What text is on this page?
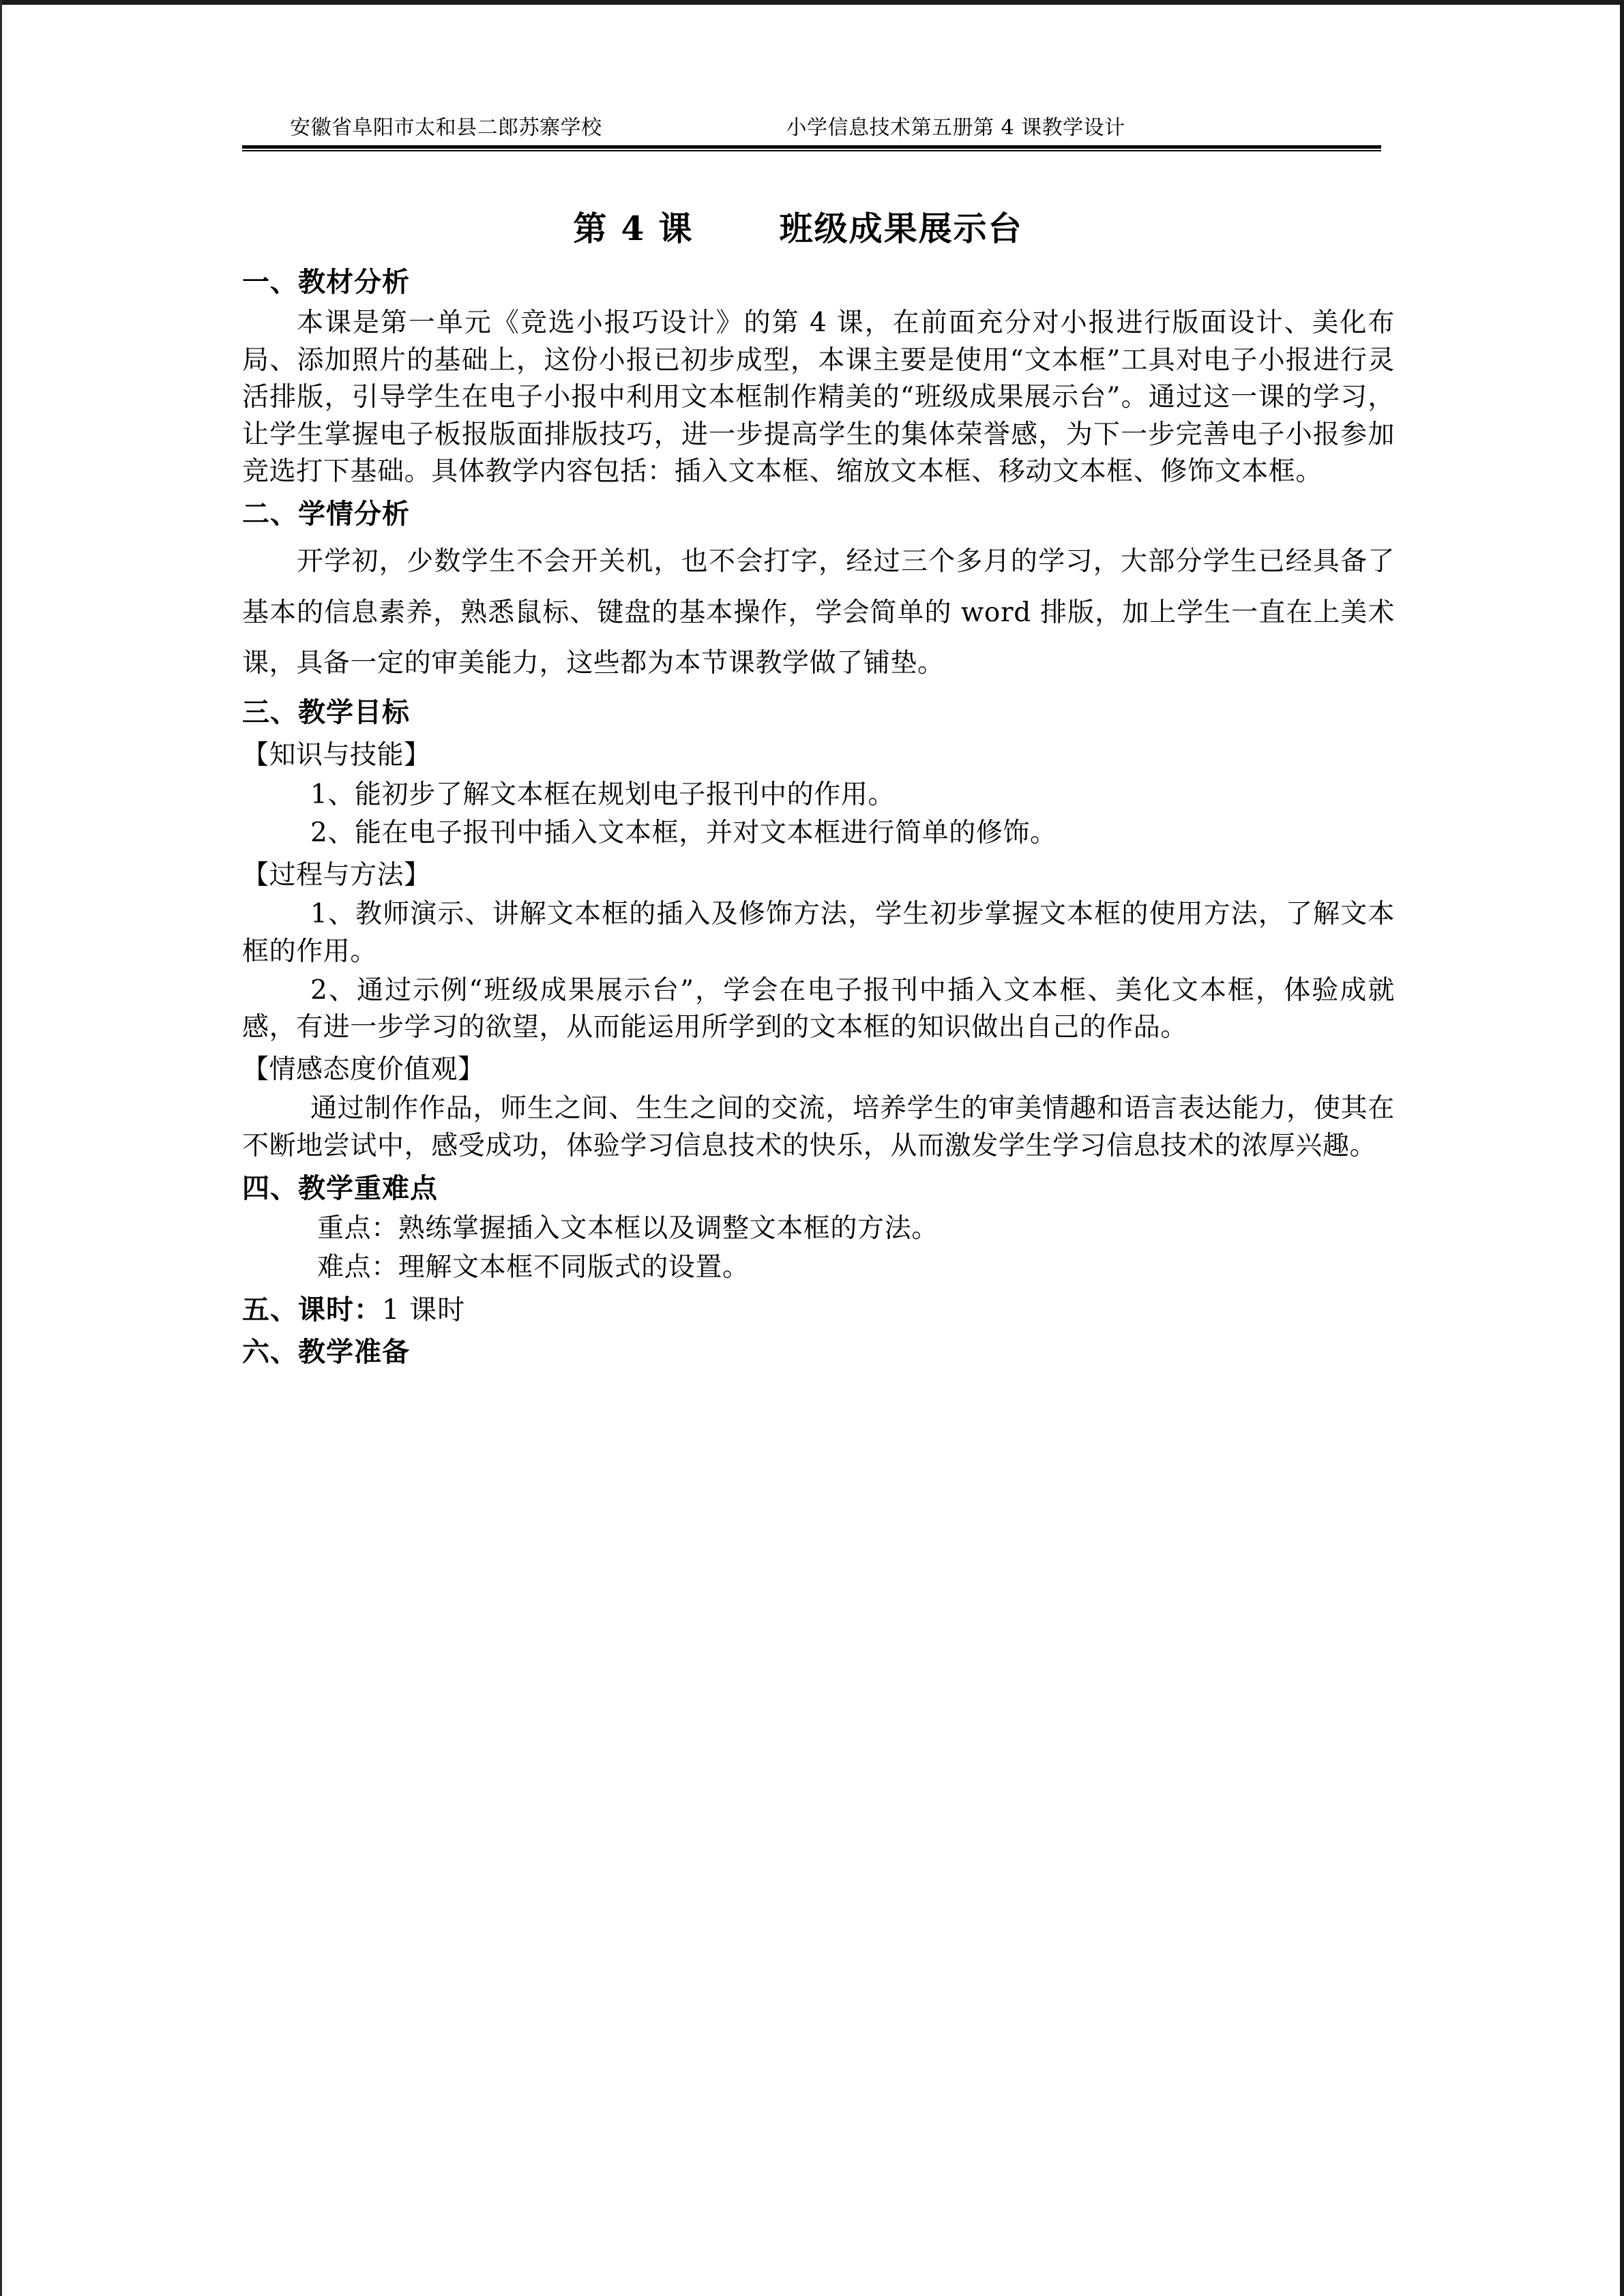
安徽省阜阳市太和县二郎苏寨学校	小学信息技术第五册第 4 课教学设计
第 4 课	班级成果展示台
一、教材分析

本课是第一单元《竞选小报巧设计》的第 4 课，在前面充分对小报进行版面设计、美化布局、添加照片的基础上，这份小报已初步成型，本课主要是使用“文本框”工具对电子小报进行灵活排版，引导学生在电子小报中利用文本框制作精美的“班级成果展示台”。通过这一课的学习，让学生掌握电子板报版面排版技巧，进一步提高学生的集体荣誉感，为下一步完善电子小报参加竞选打下基础。具体教学内容包括：插入文本框、缩放文本框、移动文本框、修饰文本框。

二、学情分析

开学初，少数学生不会开关机，也不会打字，经过三个多月的学习，大部分学生已经具备了基本的信息素养，熟悉鼠标、键盘的基本操作，学会简单的 word 排版，加上学生一直在上美术课，具备一定的审美能力，这些都为本节课教学做了铺垫。

三、教学目标
【知识与技能】

1、能初步了解文本框在规划电子报刊中的作用。

2、能在电子报刊中插入文本框，并对文本框进行简单的修饰。

【过程与方法】

1、教师演示、讲解文本框的插入及修饰方法，学生初步掌握文本框的使用方法，了解文本框的作用。

2、通过示例“班级成果展示台”，学会在电子报刊中插入文本框、美化文本框，体验成就感，有进一步学习的欲望，从而能运用所学到的文本框的知识做出自己的作品。

【情感态度价值观】

通过制作作品，师生之间、生生之间的交流，培养学生的审美情趣和语言表达能力，使其在不断地尝试中，感受成功，体验学习信息技术的快乐，从而激发学生学习信息技术的浓厚兴趣。

四、教学重难点

重点：熟练掌握插入文本框以及调整文本框的方法。

难点：理解文本框不同版式的设置。

五、课时：1 课时
六、教学准备
